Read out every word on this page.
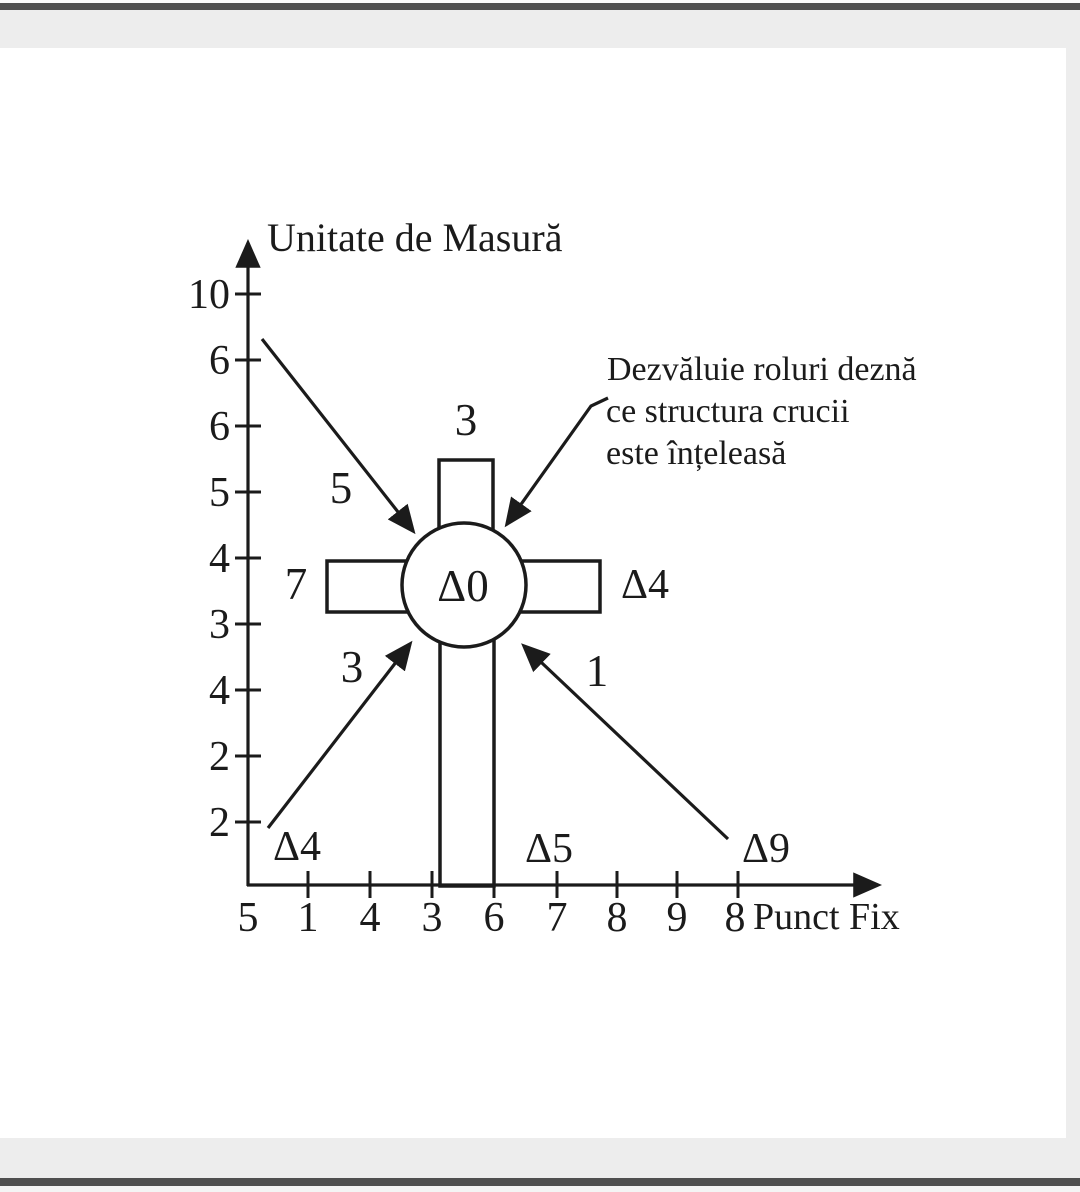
10
6
6
5
4
3
4
2
2
5 1 4 3 6 7 8 9 8
Unitate de Masură
Punct Fix
Δ0
3
7	Δ4
5
3	1
Δ4	Δ5	Δ9
Dezvăluie roluri deznă
ce structura crucii
este înțeleasă
